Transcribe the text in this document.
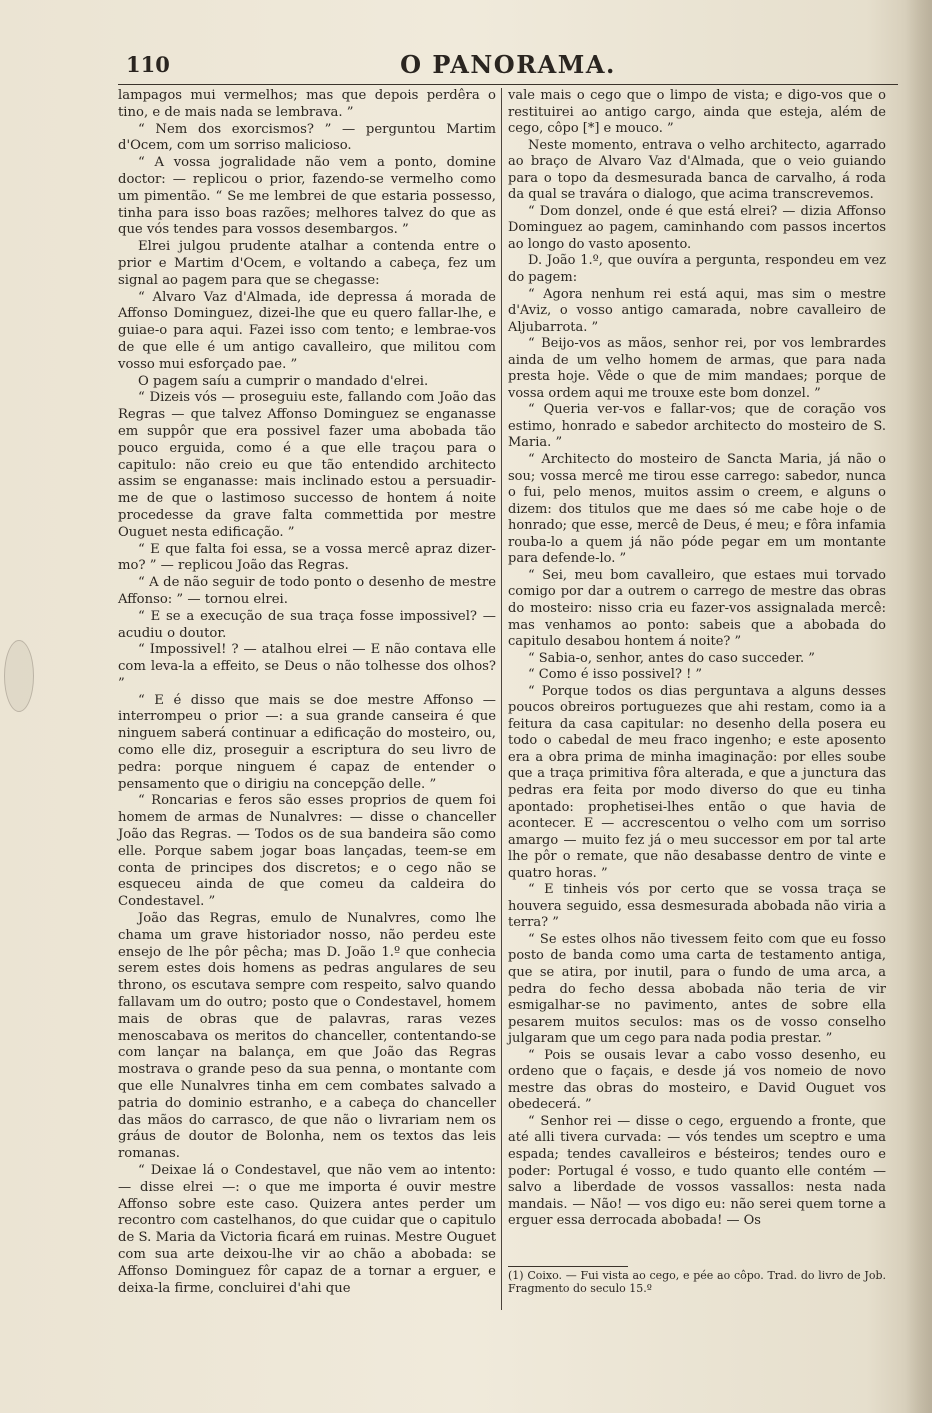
110	O PANORAMA.

lampagos mui vermelhos; mas que depois perdêra o tino, e de mais nada se lembrava. ”

“ Nem dos exorcismos? ” — perguntou Martim d'Ocem, com um sorriso malicioso.

“ A vossa jogralidade não vem a ponto, domine doctor: — replicou o prior, fazendo-se vermelho como um pimentão. “ Se me lembrei de que estaria possesso, tinha para isso boas razões; melhores talvez do que as que vós tendes para vossos desembargos. ”

Elrei julgou prudente atalhar a contenda entre o prior e Martim d'Ocem, e voltando a cabeça, fez um signal ao pagem para que se chegasse:

“ Alvaro Vaz d'Almada, ide depressa á morada de Affonso Dominguez, dizei-lhe que eu quero fallar-lhe, e guiae-o para aqui. Fazei isso com tento; e lembrae-vos de que elle é um antigo cavalleiro, que militou com vosso mui esforçado pae. ”

O pagem saíu a cumprir o mandado d'elrei.

“ Dizeis vós — proseguiu este, fallando com João das Regras — que talvez Affonso Dominguez se enganasse em suppôr que era possivel fazer uma abobada tão pouco erguida, como é a que elle traçou para o capitulo: não creio eu que tão entendido architecto assim se enganasse: mais inclinado estou a persuadir-me de que o lastimoso successo de hontem á noite procedesse da grave falta commettida por mestre Ouguet nesta edificação. ”

“ E que falta foi essa, se a vossa mercê apraz dizer-mo? ” — replicou João das Regras.

“ A de não seguir de todo ponto o desenho de mestre Affonso: ” — tornou elrei.

“ E se a execução de sua traça fosse impossivel? — acudiu o doutor.

“ Impossivel! ? — atalhou elrei — E não contava elle com leva-la a effeito, se Deus o não tolhesse dos olhos? ”

“ E é disso que mais se doe mestre Affonso — interrompeu o prior —: a sua grande canseira é que ninguem saberá continuar a edificação do mosteiro, ou, como elle diz, proseguir a escriptura do seu livro de pedra: porque ninguem é capaz de entender o pensamento que o dirigiu na concepção delle. ”

“ Roncarias e feros são esses proprios de quem foi homem de armas de Nunalvres: — disse o chanceller João das Regras. — Todos os de sua bandeira são como elle. Porque sabem jogar boas lançadas, teem-se em conta de principes dos discretos; e o cego não se esqueceu ainda de que comeu da caldeira do Condestavel. ”

João das Regras, emulo de Nunalvres, como lhe chama um grave historiador nosso, não perdeu este ensejo de lhe pôr pêcha; mas D. João 1.º que conhecia serem estes dois homens as pedras angulares de seu throno, os escutava sempre com respeito, salvo quando fallavam um do outro; posto que o Condestavel, homem mais de obras que de palavras, raras vezes menoscabava os meritos do chanceller, contentando-se com lançar na balança, em que João das Regras mostrava o grande peso da sua penna, o montante com que elle Nunalvres tinha em cem combates salvado a patria do dominio estranho, e a cabeça do chanceller das mãos do carrasco, de que não o livrariam nem os gráus de doutor de Bolonha, nem os textos das leis romanas.

“ Deixae lá o Condestavel, que não vem ao intento: — disse elrei —: o que me importa é ouvir mestre Affonso sobre este caso. Quizera antes perder um recontro com castelhanos, do que cuidar que o capitulo de S. Maria da Victoria ficará em ruinas. Mestre Ouguet com sua arte deixou-lhe vir ao chão a abobada: se Affonso Dominguez fôr capaz de a tornar a erguer, e deixa-la firme, concluirei d'ahi que

vale mais o cego que o limpo de vista; e digo-vos que o restituirei ao antigo cargo, ainda que esteja, além de cego, côpo [*] e mouco. ”

Neste momento, entrava o velho architecto, agarrado ao braço de Alvaro Vaz d'Almada, que o veio guiando para o topo da desmesurada banca de carvalho, á roda da qual se travára o dialogo, que acima transcrevemos.

“ Dom donzel, onde é que está elrei? — dizia Affonso Dominguez ao pagem, caminhando com passos incertos ao longo do vasto aposento.

D. João 1.º, que ouvíra a pergunta, respondeu em vez do pagem:

“ Agora nenhum rei está aqui, mas sim o mestre d'Aviz, o vosso antigo camarada, nobre cavalleiro de Aljubarrota. ”

“ Beijo-vos as mãos, senhor rei, por vos lembrardes ainda de um velho homem de armas, que para nada presta hoje. Vêde o que de mim mandaes; porque de vossa ordem aqui me trouxe este bom donzel. ”

“ Queria ver-vos e fallar-vos; que de coração vos estimo, honrado e sabedor architecto do mosteiro de S. Maria. ”

“ Architecto do mosteiro de Sancta Maria, já não o sou; vossa mercê me tirou esse carrego: sabedor, nunca o fui, pelo menos, muitos assim o creem, e alguns o dizem: dos titulos que me daes só me cabe hoje o de honrado; que esse, mercê de Deus, é meu; e fôra infamia rouba-lo a quem já não póde pegar em um montante para defende-lo. ”

“ Sei, meu bom cavalleiro, que estaes mui torvado comigo por dar a outrem o carrego de mestre das obras do mosteiro: nisso cria eu fazer-vos assignalada mercê: mas venhamos ao ponto: sabeis que a abobada do capitulo desabou hontem á noite? ”

“ Sabia-o, senhor, antes do caso succeder. ”

“ Como é isso possivel? ! ”

“ Porque todos os dias perguntava a alguns desses poucos obreiros portuguezes que ahi restam, como ia a feitura da casa capitular: no desenho della posera eu todo o cabedal de meu fraco ingenho; e este aposento era a obra prima de minha imaginação: por elles soube que a traça primitiva fôra alterada, e que a junctura das pedras era feita por modo diverso do que eu tinha apontado: prophetisei-lhes então o que havia de acontecer. E — accrescentou o velho com um sorriso amargo — muito fez já o meu successor em por tal arte lhe pôr o remate, que não desabasse dentro de vinte e quatro horas. ”

“ E tinheis vós por certo que se vossa traça se houvera seguido, essa desmesurada abobada não viria a terra? ”

“ Se estes olhos não tivessem feito com que eu fosso posto de banda como uma carta de testamento antiga, que se atira, por inutil, para o fundo de uma arca, a pedra do fecho dessa abobada não teria de vir esmigalhar-se no pavimento, antes de sobre ella pesarem muitos seculos: mas os de vosso conselho julgaram que um cego para nada podia prestar. ”

“ Pois se ousais levar a cabo vosso desenho, eu ordeno que o façais, e desde já vos nomeio de novo mestre das obras do mosteiro, e David Ouguet vos obedecerá. ”

“ Senhor rei — disse o cego, erguendo a fronte, que até alli tivera curvada: — vós tendes um sceptro e uma espada; tendes cavalleiros e bésteiros; tendes ouro e poder: Portugal é vosso, e tudo quanto elle contém — salvo a liberdade de vossos vassallos: nesta nada mandais. — Não! — vos digo eu: não serei quem torne a erguer essa derrocada abobada! — Os

(1) Coixo. — Fui vista ao cego, e pée ao côpo. Trad. do livro de Job. Fragmento do seculo 15.º
